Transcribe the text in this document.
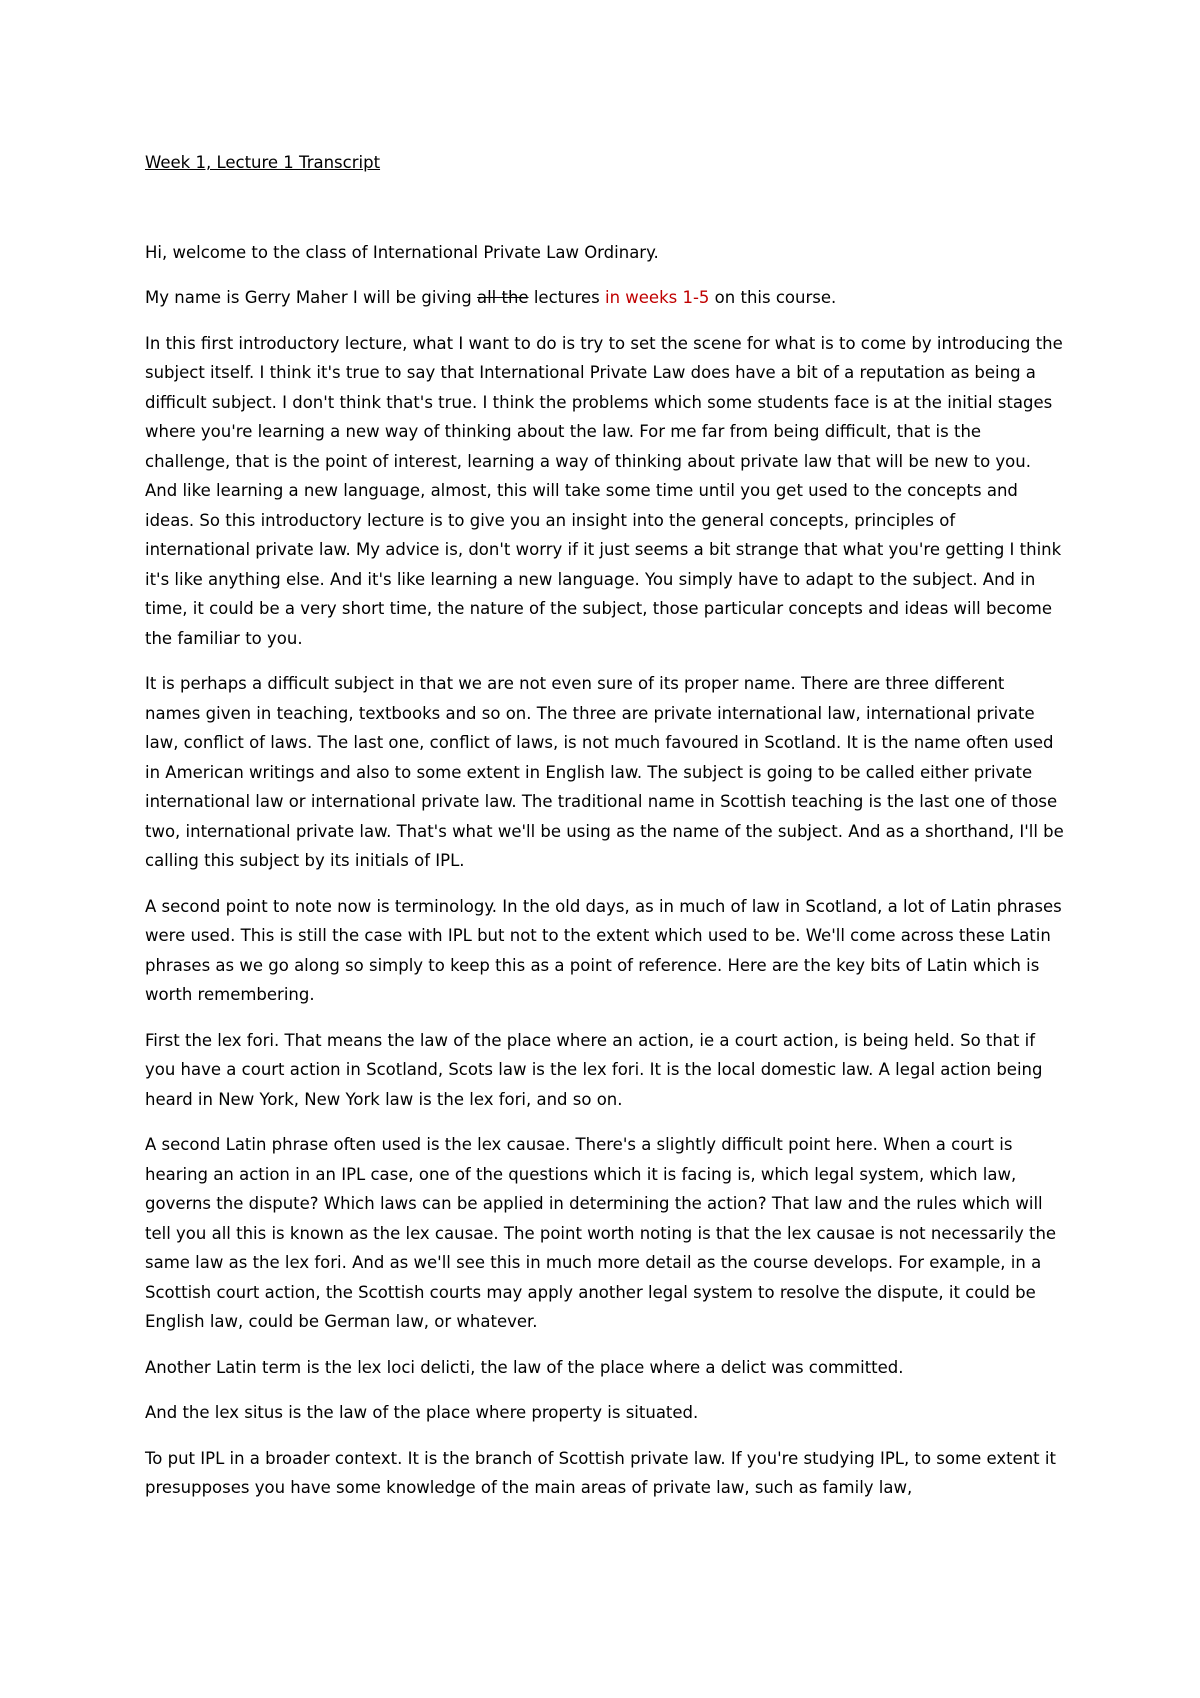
Week 1, Lecture 1 Transcript

Hi, welcome to the class of International Private Law Ordinary.

My name is Gerry Maher I will be giving all the lectures in weeks 1-5 on this course.

In this first introductory lecture, what I want to do is try to set the scene for what is to come by introducing the subject itself. I think it's true to say that International Private Law does have a bit of a reputation as being a difficult subject. I don't think that's true. I think the problems which some students face is at the initial stages where you're learning a new way of thinking about the law. For me far from being difficult, that is the challenge, that is the point of interest, learning a way of thinking about private law that will be new to you. And like learning a new language, almost, this will take some time until you get used to the concepts and ideas. So this introductory lecture is to give you an insight into the general concepts, principles of international private law. My advice is, don't worry if it just seems a bit strange that what you're getting I think it's like anything else. And it's like learning a new language. You simply have to adapt to the subject. And in time, it could be a very short time, the nature of the subject, those particular concepts and ideas will become the familiar to you.

It is perhaps a difficult subject in that we are not even sure of its proper name. There are three different names given in teaching, textbooks and so on. The three are private international law, international private law, conflict of laws. The last one, conflict of laws, is not much favoured in Scotland. It is the name often used in American writings and also to some extent in English law. The subject is going to be called either private international law or international private law. The traditional name in Scottish teaching is the last one of those two, international private law. That's what we'll be using as the name of the subject. And as a shorthand, I'll be calling this subject by its initials of IPL.

A second point to note now is terminology. In the old days, as in much of law in Scotland, a lot of Latin phrases were used. This is still the case with IPL but not to the extent which used to be. We'll come across these Latin phrases as we go along so simply to keep this as a point of reference. Here are the key bits of Latin which is worth remembering.

First the lex fori. That means the law of the place where an action, ie a court action, is being held. So that if you have a court action in Scotland, Scots law is the lex fori. It is the local domestic law. A legal action being heard in New York, New York law is the lex fori, and so on.

A second Latin phrase often used is the lex causae. There's a slightly difficult point here. When a court is hearing an action in an IPL case, one of the questions which it is facing is, which legal system, which law, governs the dispute? Which laws can be applied in determining the action? That law and the rules which will tell you all this is known as the lex causae. The point worth noting is that the lex causae is not necessarily the same law as the lex fori. And as we'll see this in much more detail as the course develops. For example, in a Scottish court action, the Scottish courts may apply another legal system to resolve the dispute, it could be English law, could be German law, or whatever.

Another Latin term is the lex loci delicti, the law of the place where a delict was committed.

And the lex situs is the law of the place where property is situated.

To put IPL in a broader context. It is the branch of Scottish private law. If you're studying IPL, to some extent it presupposes you have some knowledge of the main areas of private law, such as family law,
